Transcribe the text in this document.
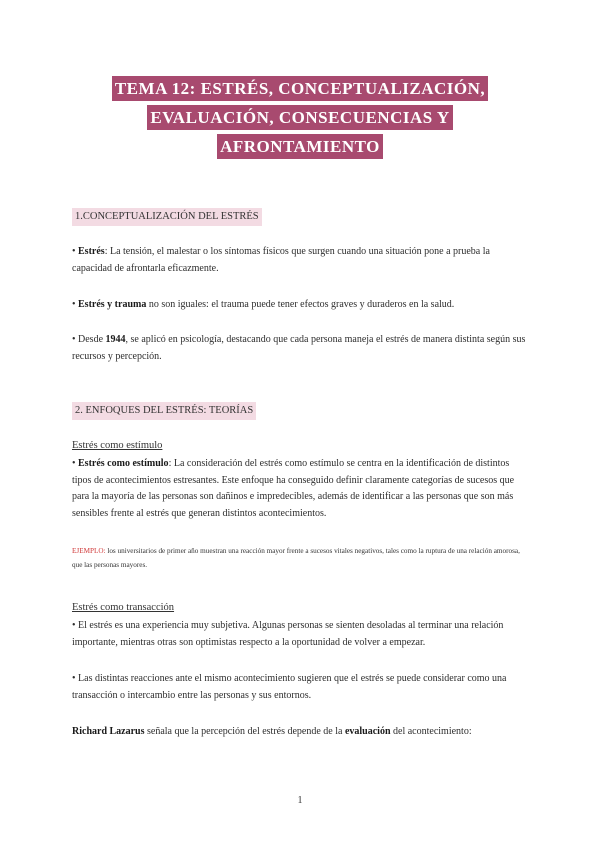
TEMA 12: ESTRÉS, CONCEPTUALIZACIÓN,
EVALUACIÓN, CONSECUENCIAS Y
AFRONTAMIENTO
1.CONCEPTUALIZACIÓN DEL ESTRÉS
• Estrés: La tensión, el malestar o los síntomas físicos que surgen cuando una situación pone a prueba la capacidad de afrontarla eficazmente.
• Estrés y trauma no son iguales: el trauma puede tener efectos graves y duraderos en la salud.
• Desde 1944, se aplicó en psicología, destacando que cada persona maneja el estrés de manera distinta según sus recursos y percepción.
2. ENFOQUES DEL ESTRÉS: TEORÍAS
Estrés como estímulo
• Estrés como estímulo: La consideración del estrés como estímulo se centra en la identificación de distintos tipos de acontecimientos estresantes. Este enfoque ha conseguido definir claramente categorías de sucesos que para la mayoría de las personas son dañinos e impredecibles, además de identificar a las personas que son más sensibles frente al estrés que generan distintos acontecimientos.
EJEMPLO: los universitarios de primer año muestran una reacción mayor frente a sucesos vitales negativos, tales como la ruptura de una relación amorosa, que las personas mayores.
Estrés como transacción
• El estrés es una experiencia muy subjetiva. Algunas personas se sienten desoladas al terminar una relación importante, mientras otras son optimistas respecto a la oportunidad de volver a empezar.
• Las distintas reacciones ante el mismo acontecimiento sugieren que el estrés se puede considerar como una transacción o intercambio entre las personas y sus entornos.
Richard Lazarus señala que la percepción del estrés depende de la evaluación del acontecimiento:
1
